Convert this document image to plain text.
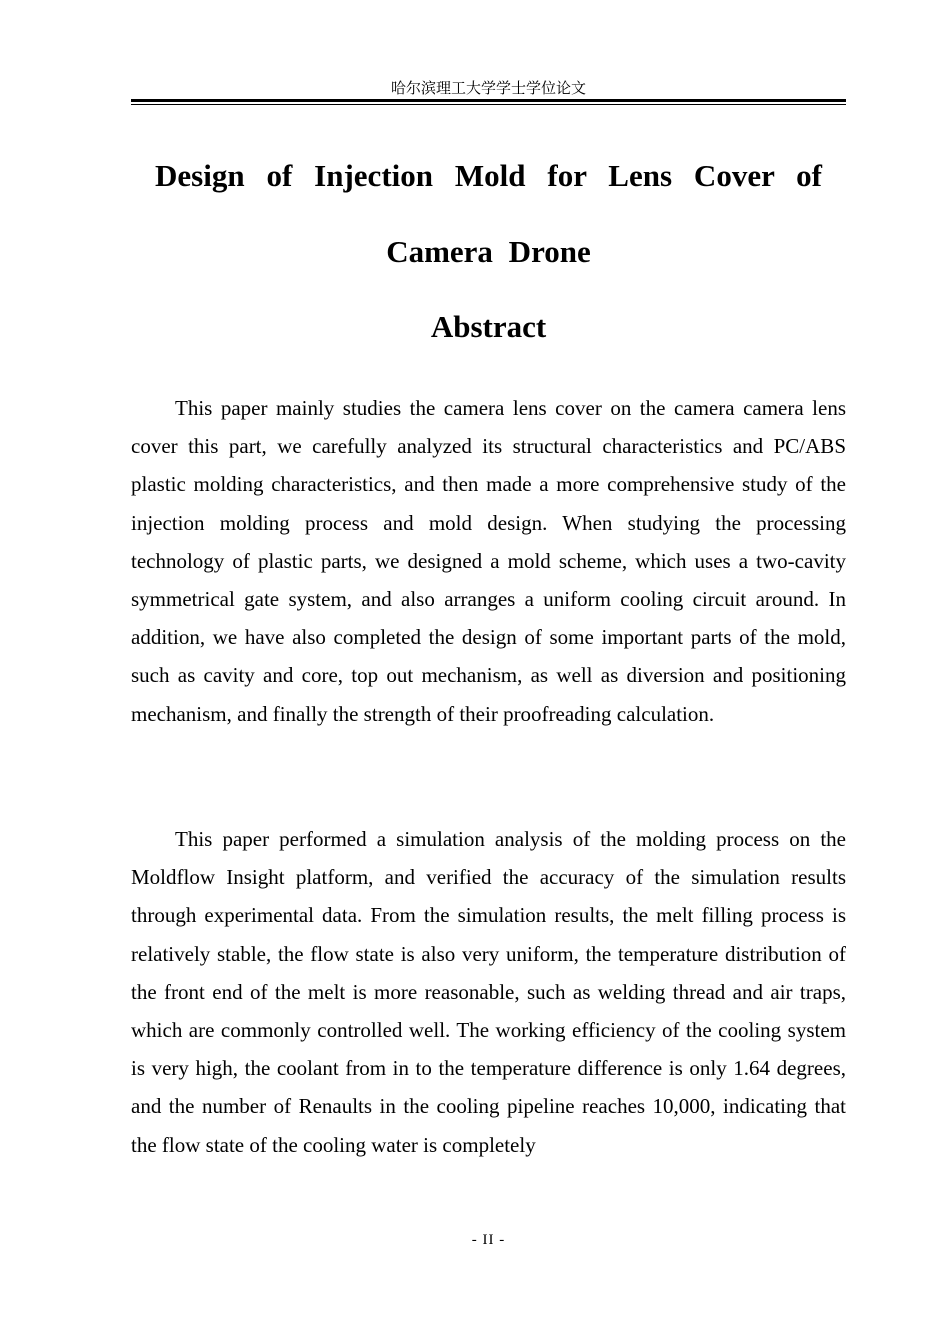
哈尔滨理工大学学士学位论文
Design of Injection Mold for Lens Cover of
Camera Drone
Abstract

This paper mainly studies the camera lens cover on the camera camera lens cover this part, we carefully analyzed its structural characteristics and PC/ABS plastic molding characteristics, and then made a more comprehensive study of the injection molding process and mold design. When studying the processing technology of plastic parts, we designed a mold scheme, which uses a two-cavity symmetrical gate system, and also arranges a uniform cooling circuit around. In addition, we have also completed the design of some important parts of the mold, such as cavity and core, top out mechanism, as well as diversion and positioning mechanism, and finally the strength of their proofreading calculation.

This paper performed a simulation analysis of the molding process on the Moldflow Insight platform, and verified the accuracy of the simulation results through experimental data. From the simulation results, the melt filling process is relatively stable, the flow state is also very uniform, the temperature distribution of the front end of the melt is more reasonable, such as welding thread and air traps, which are commonly controlled well. The working efficiency of the cooling system is very high, the coolant from in to the temperature difference is only 1.64 degrees, and the number of Renaults in the cooling pipeline reaches 10,000, indicating that the flow state of the cooling water is completely

- II -
